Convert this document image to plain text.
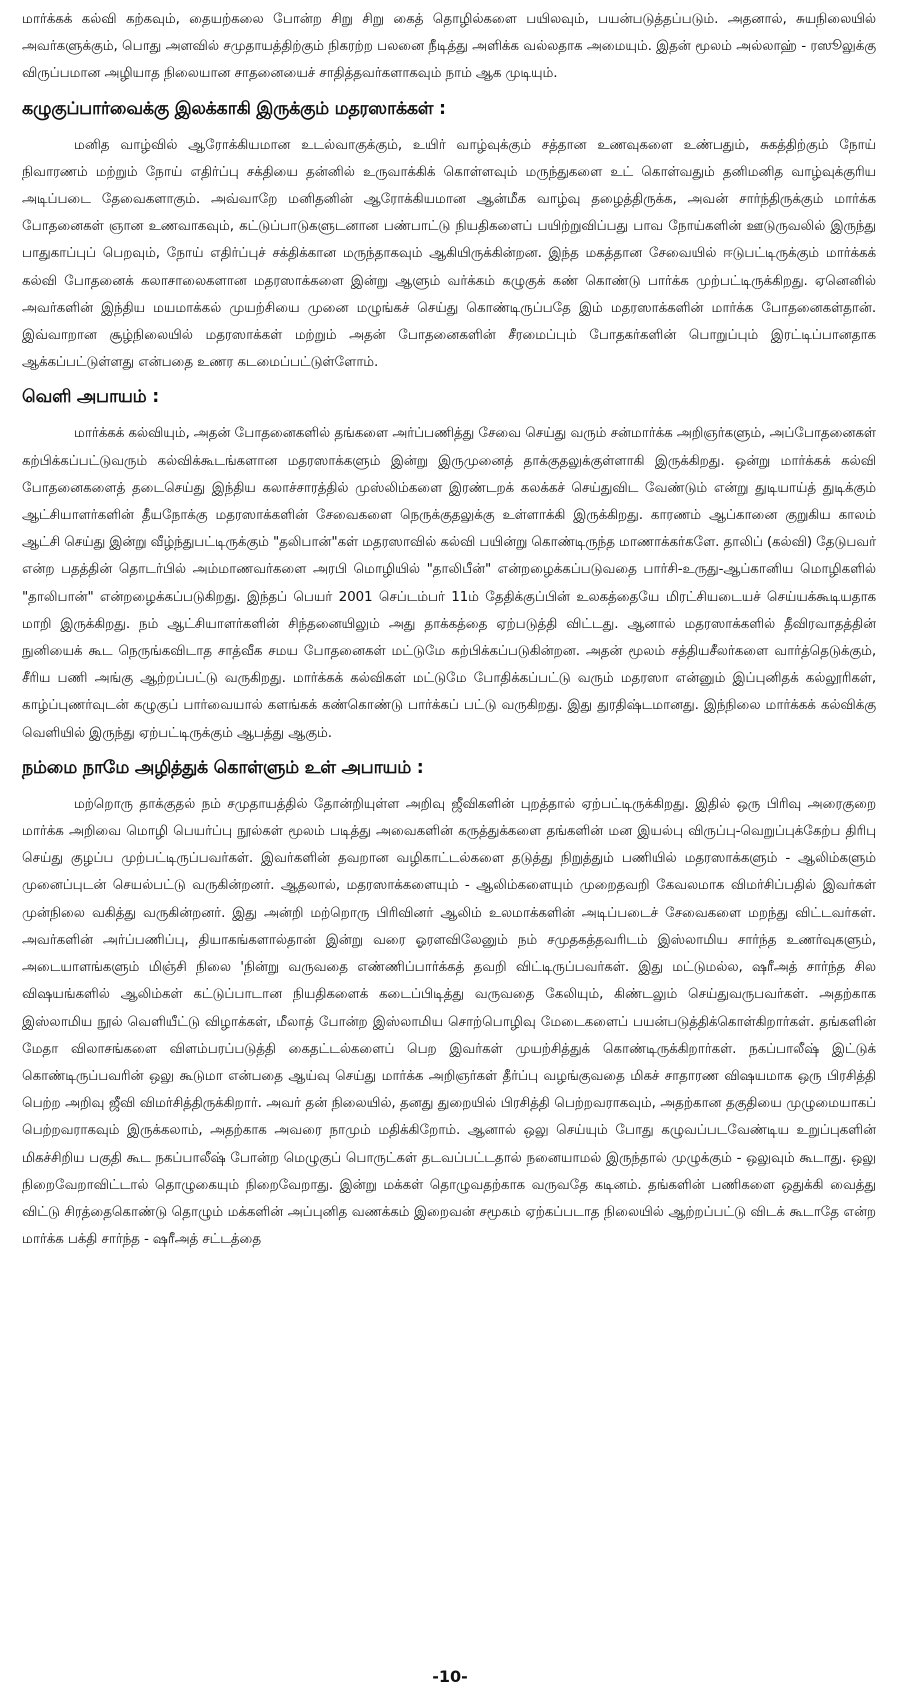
மார்க்கக் கல்வி கற்கவும், தையற்கலை போன்ற சிறு சிறு கைத் தொழில்களை பயிலவும், பயன்படுத்தப்படும். அதனால், சுயநிலையில் அவர்களுக்கும், பொது அளவில் சமுதாயத்திற்கும் நிகரற்ற பலனை நீடித்து அளிக்க வல்லதாக அமையும். இதன் மூலம் அல்லாஹ் - ரஸூலுக்கு விருப்பமான அழியாத நிலையான சாதனையைச் சாதித்தவர்களாகவும் நாம் ஆக முடியும்.

கழுகுப்பார்வைக்கு இலக்காகி இருக்கும் மதரஸாக்கள் :

மனித வாழ்வில் ஆரோக்கியமான உடல்வாகுக்கும், உயிர் வாழ்வுக்கும் சத்தான உணவுகளை உண்பதும், சுகத்திற்கும் நோய் நிவாரணம் மற்றும் நோய் எதிர்ப்பு சக்தியை தன்னில் உருவாக்கிக் கொள்ளவும் மருந்துகளை உட் கொள்வதும் தனிமனித வாழ்வுக்குரிய அடிப்படை தேவைகளாகும். அவ்வாறே மனிதனின் ஆரோக்கியமான ஆன்மீக வாழ்வு தழைத்திருக்க, அவன் சார்ந்திருக்கும் மார்க்க போதனைகள் ஞான உணவாகவும், கட்டுப்பாடுகளுடனான பண்பாட்டு நியதிகளைப் பயிற்றுவிப்பது பாவ நோய்களின் ஊடுருவலில் இருந்து பாதுகாப்புப் பெறவும், நோய் எதிர்ப்புச் சக்திக்கான மருந்தாகவும் ஆகியிருக்கின்றன. இந்த மகத்தான சேவையில் ஈடுபட்டிருக்கும் மார்க்கக் கல்வி போதனைக் கலாசாலைகளான மதரஸாக்களை இன்று ஆளும் வர்க்கம் கழுகுக் கண் கொண்டு பார்க்க முற்பட்டிருக்கிறது. ஏனெனில் அவர்களின் இந்திய மயமாக்கல் முயற்சியை முனை மழுங்கச் செய்து கொண்டிருப்பதே இம் மதரஸாக்களின் மார்க்க போதனைகள்தான். இவ்வாறான சூழ்நிலையில் மதரஸாக்கள் மற்றும் அதன் போதனைகளின் சீரமைப்பும் போதகர்களின் பொறுப்பும் இரட்டிப்பானதாக ஆக்கப்பட்டுள்ளது என்பதை உணர கடமைப்பட்டுள்ளோம்.

வெளி அபாயம் :

மார்க்கக் கல்வியும், அதன் போதனைகளில் தங்களை அர்ப்பணித்து சேவை செய்து வரும் சன்மார்க்க அறிஞர்களும், அப்போதனைகள் கற்பிக்கப்பட்டுவரும் கல்விக்கூடங்களான மதரஸாக்களும் இன்று இருமுனைத் தாக்குதலுக்குள்ளாகி இருக்கிறது. ஒன்று மார்க்கக் கல்வி போதனைகளைத் தடைசெய்து இந்திய கலாச்சாரத்தில் முஸ்லிம்களை இரண்டறக் கலக்கச் செய்துவிட வேண்டும் என்று துடியாய்த் துடிக்கும் ஆட்சியாளர்களின் தீயநோக்கு மதரஸாக்களின் சேவைகளை நெருக்குதலுக்கு உள்ளாக்கி இருக்கிறது. காரணம் ஆப்கானை குறுகிய காலம் ஆட்சி செய்து இன்று வீழ்ந்துபட்டிருக்கும் "தலிபான்"கள் மதரஸாவில் கல்வி பயின்று கொண்டிருந்த மாணாக்கர்களே. தாலிப் (கல்வி) தேடுபவர் என்ற பதத்தின் தொடர்பில் அம்மாணவர்களை அரபி மொழியில் "தாலிபீன்" என்றழைக்கப்படுவதை பார்சி-உருது-ஆப்கானிய மொழிகளில் "தாலிபான்" என்றழைக்கப்படுகிறது. இந்தப் பெயர் 2001 செப்டம்பர் 11ம் தேதிக்குப்பின் உலகத்தையே மிரட்சியடையச் செய்யக்கூடியதாக மாறி இருக்கிறது. நம் ஆட்சியாளர்களின் சிந்தனையிலும் அது தாக்கத்தை ஏற்படுத்தி விட்டது. ஆனால் மதரஸாக்களில் தீவிரவாதத்தின் நுனியைக் கூட நெருங்கவிடாத சாத்வீக சமய போதனைகள் மட்டுமே கற்பிக்கப்படுகின்றன. அதன் மூலம் சத்தியசீலர்களை வார்த்தெடுக்கும், சீரிய பணி அங்கு ஆற்றப்பட்டு வருகிறது. மார்க்கக் கல்விகள் மட்டுமே போதிக்கப்பட்டு வரும் மதரஸா என்னும் இப்புனிதக் கல்லூரிகள், காழ்ப்புணர்வுடன் கழுகுப் பார்வையால் களங்கக் கண்கொண்டு பார்க்கப் பட்டு வருகிறது. இது துரதிஷ்டமானது. இந்நிலை மார்க்கக் கல்விக்கு வெளியில் இருந்து ஏற்பட்டிருக்கும் ஆபத்து ஆகும்.

நம்மை நாமே அழித்துக் கொள்ளும் உள் அபாயம் :

மற்றொரு தாக்குதல் நம் சமுதாயத்தில் தோன்றியுள்ள அறிவு ஜீவிகளின் புறத்தால் ஏற்பட்டிருக்கிறது. இதில் ஒரு பிரிவு அரைகுறை மார்க்க அறிவை மொழி பெயர்ப்பு நூல்கள் மூலம் படித்து அவைகளின் கருத்துக்களை தங்களின் மன இயல்பு விருப்பு-வெறுப்புக்கேற்ப திரிபு செய்து குழப்ப முற்பட்டிருப்பவர்கள். இவர்களின் தவறான வழிகாட்டல்களை தடுத்து நிறுத்தும் பணியில் மதரஸாக்களும் - ஆலிம்களும் முனைப்புடன் செயல்பட்டு வருகின்றனர். ஆதலால், மதரஸாக்களையும் - ஆலிம்களையும் முறைதவறி கேவலமாக விமர்சிப்பதில் இவர்கள் முன்நிலை வகித்து வருகின்றனர். இது அன்றி மற்றொரு பிரிவினர் ஆலிம் உலமாக்களின் அடிப்படைச் சேவைகளை மறந்து விட்டவர்கள். அவர்களின் அர்ப்பணிப்பு, தியாகங்களால்தான் இன்று வரை ஓரளவிலேனும் நம் சமுதகத்தவரிடம் இஸ்லாமிய சார்ந்த உணர்வுகளும், அடையாளங்களும் மிஞ்சி நிலை 'நின்று வருவதை எண்ணிப்பார்க்கத் தவறி விட்டிருப்பவர்கள். இது மட்டுமல்ல, ஷரீஅத் சார்ந்த சில விஷயங்களில் ஆலிம்கள் கட்டுப்பாடான நியதிகளைக் கடைப்பிடித்து வருவதை கேலியும், கிண்டலும் செய்துவருபவர்கள். அதற்காக இஸ்லாமிய நூல் வெளியீட்டு விழாக்கள், மீலாத் போன்ற இஸ்லாமிய சொற்பொழிவு மேடைகளைப் பயன்படுத்திக்கொள்கிறார்கள். தங்களின் மேதா விலாசங்களை விளம்பரப்படுத்தி கைதட்டல்களைப் பெற இவர்கள் முயற்சித்துக் கொண்டிருக்கிறார்கள். நகப்பாலீஷ் இட்டுக் கொண்டிருப்பவரின் ஒலு கூடுமா என்பதை ஆய்வு செய்து மார்க்க அறிஞர்கள் தீர்ப்பு வழங்குவதை மிகச் சாதாரண விஷயமாக ஒரு பிரசித்தி பெற்ற அறிவு ஜீவி விமர்சித்திருக்கிறார். அவர் தன் நிலையில், தனது துறையில் பிரசித்தி பெற்றவராகவும், அதற்கான தகுதியை முழுமையாகப் பெற்றவராகவும் இருக்கலாம், அதற்காக அவரை நாமும் மதிக்கிறோம். ஆனால் ஒலு செய்யும் போது கழுவப்படவேண்டிய உறுப்புகளின் மிகச்சிறிய பகுதி கூட நகப்பாலீஷ் போன்ற மெழுகுப் பொருட்கள் தடவப்பட்டதால் நனையாமல் இருந்தால் முழுக்கும் - ஒலுவும் கூடாது. ஒலு நிறைவேறாவிட்டால் தொழுகையும் நிறைவேறாது. இன்று மக்கள் தொழுவதற்காக வருவதே கடினம். தங்களின் பணிகளை ஒதுக்கி வைத்து விட்டு சிரத்தைகொண்டு தொழும் மக்களின் அப்புனித வணக்கம் இறைவன் சமூகம் ஏற்கப்படாத நிலையில் ஆற்றப்பட்டு விடக் கூடாதே என்ற மார்க்க பக்தி சார்ந்த - ஷரீஅத் சட்டத்தை

-10-
